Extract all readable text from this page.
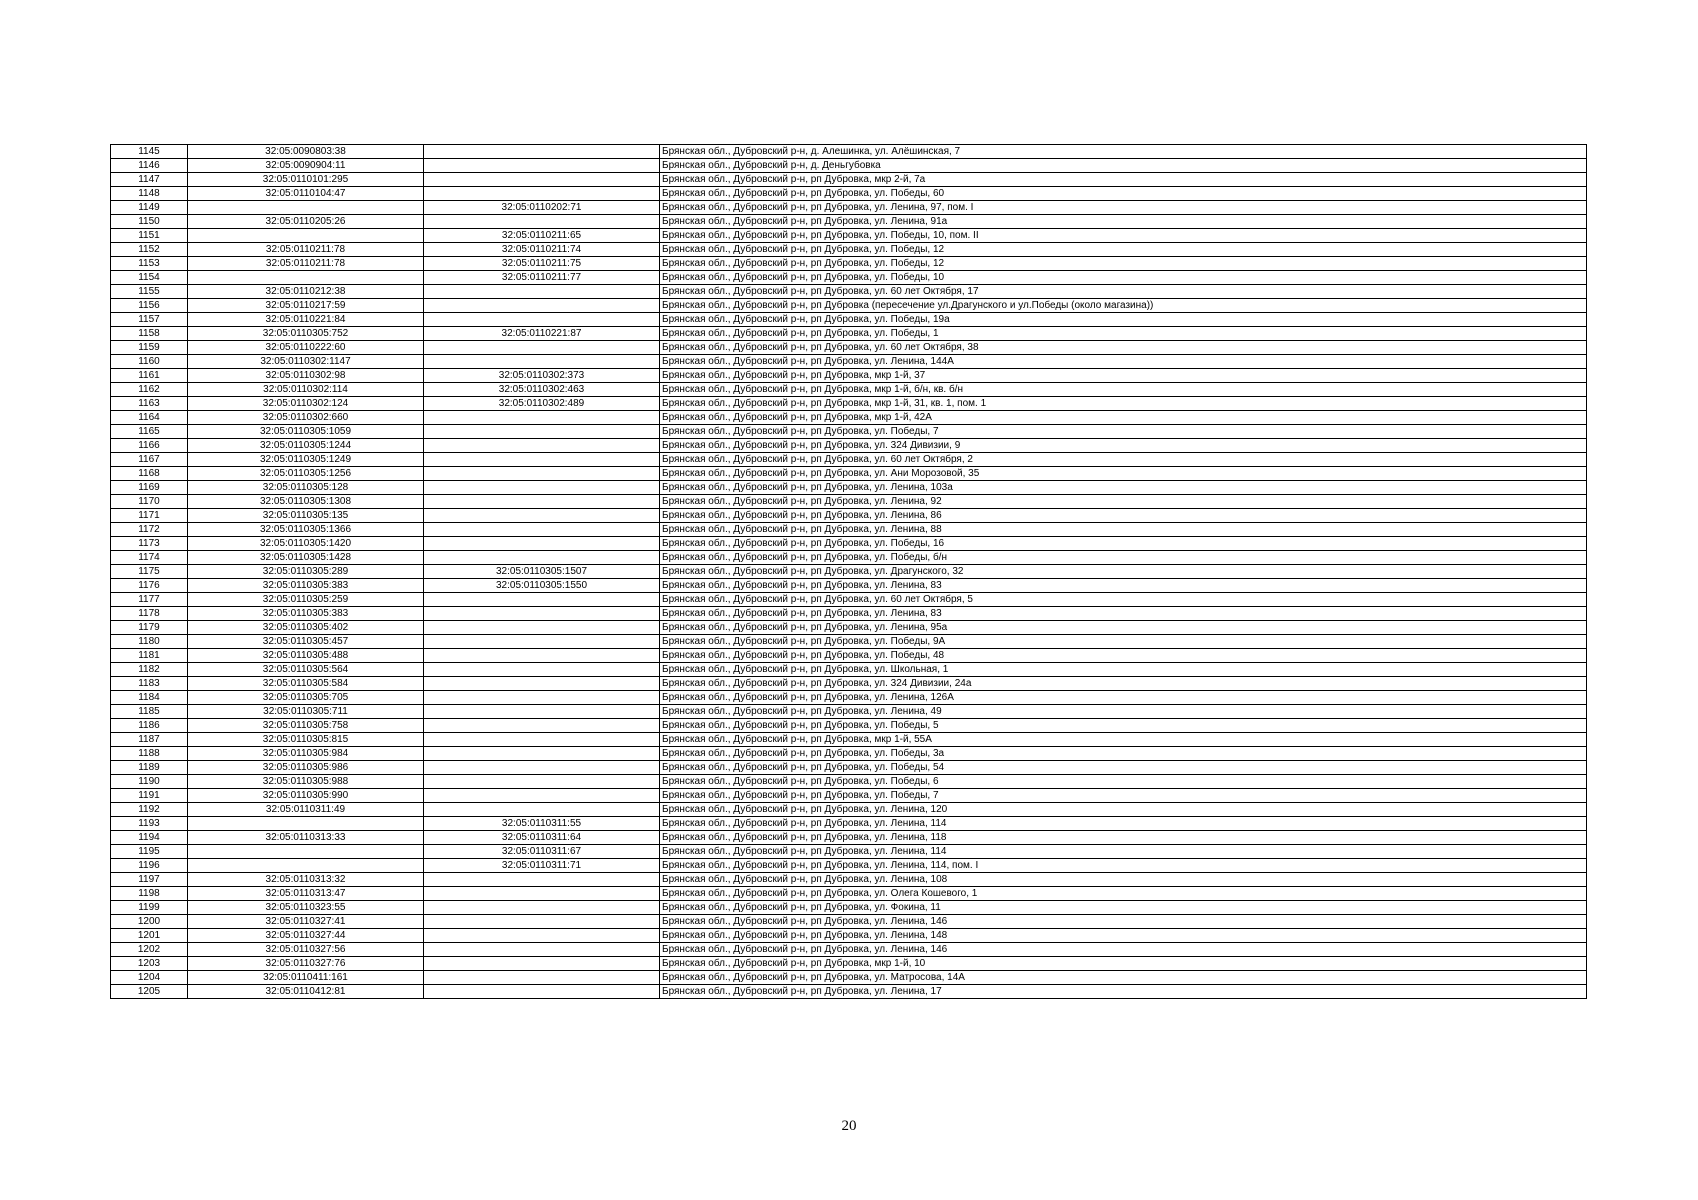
1145	32:05:0090803:38		Брянская обл., Дубровский р-н, д. Алешинка, ул. Алёшинская, 7
1146	32:05:0090904:11		Брянская обл., Дубровский р-н, д. Деньгубовка
1147	32:05:0110101:295		Брянская обл., Дубровский р-н, рп Дубровка, мкр 2-й, 7а
1148	32:05:0110104:47		Брянская обл., Дубровский р-н, рп Дубровка, ул. Победы, 60
1149		32:05:0110202:71	Брянская обл., Дубровский р-н, рп Дубровка, ул. Ленина, 97, пом. I
1150	32:05:0110205:26		Брянская обл., Дубровский р-н, рп Дубровка, ул. Ленина, 91а
1151		32:05:0110211:65	Брянская обл., Дубровский р-н, рп Дубровка, ул. Победы, 10, пом. II
1152	32:05:0110211:78	32:05:0110211:74	Брянская обл., Дубровский р-н, рп Дубровка, ул. Победы, 12
1153	32:05:0110211:78	32:05:0110211:75	Брянская обл., Дубровский р-н, рп Дубровка, ул. Победы, 12
1154		32:05:0110211:77	Брянская обл., Дубровский р-н, рп Дубровка, ул. Победы, 10
1155	32:05:0110212:38		Брянская обл., Дубровский р-н, рп Дубровка, ул. 60 лет Октября, 17
1156	32:05:0110217:59		Брянская обл., Дубровский р-н, рп Дубровка (пересечение ул.Драгунского и ул.Победы (около магазина))
1157	32:05:0110221:84		Брянская обл., Дубровский р-н, рп Дубровка, ул. Победы, 19а
1158	32:05:0110305:752	32:05:0110221:87	Брянская обл., Дубровский р-н, рп Дубровка, ул. Победы, 1
1159	32:05:0110222:60		Брянская обл., Дубровский р-н, рп Дубровка, ул. 60 лет Октября, 38
1160	32:05:0110302:1147		Брянская обл., Дубровский р-н, рп Дубровка, ул. Ленина, 144А
1161	32:05:0110302:98	32:05:0110302:373	Брянская обл., Дубровский р-н, рп Дубровка, мкр 1-й, 37
1162	32:05:0110302:114	32:05:0110302:463	Брянская обл., Дубровский р-н, рп Дубровка, мкр 1-й, б/н, кв. б/н
1163	32:05:0110302:124	32:05:0110302:489	Брянская обл., Дубровский р-н, рп Дубровка, мкр 1-й, 31, кв. 1, пом. 1
1164	32:05:0110302:660		Брянская обл., Дубровский р-н, рп Дубровка, мкр 1-й, 42А
1165	32:05:0110305:1059		Брянская обл., Дубровский р-н, рп Дубровка, ул. Победы, 7
1166	32:05:0110305:1244		Брянская обл., Дубровский р-н, рп Дубровка, ул. 324 Дивизии, 9
1167	32:05:0110305:1249		Брянская обл., Дубровский р-н, рп Дубровка, ул. 60 лет Октября, 2
1168	32:05:0110305:1256		Брянская обл., Дубровский р-н, рп Дубровка, ул. Ани Морозовой, 35
1169	32:05:0110305:128		Брянская обл., Дубровский р-н, рп Дубровка, ул. Ленина, 103а
1170	32:05:0110305:1308		Брянская обл., Дубровский р-н, рп Дубровка, ул. Ленина, 92
1171	32:05:0110305:135		Брянская обл., Дубровский р-н, рп Дубровка, ул. Ленина, 86
1172	32:05:0110305:1366		Брянская обл., Дубровский р-н, рп Дубровка, ул. Ленина, 88
1173	32:05:0110305:1420		Брянская обл., Дубровский р-н, рп Дубровка, ул. Победы, 16
1174	32:05:0110305:1428		Брянская обл., Дубровский р-н, рп Дубровка, ул. Победы, б/н
1175	32:05:0110305:289	32:05:0110305:1507	Брянская обл., Дубровский р-н, рп Дубровка, ул. Драгунского, 32
1176	32:05:0110305:383	32:05:0110305:1550	Брянская обл., Дубровский р-н, рп Дубровка, ул. Ленина, 83
1177	32:05:0110305:259		Брянская обл., Дубровский р-н, рп Дубровка, ул. 60 лет Октября, 5
1178	32:05:0110305:383		Брянская обл., Дубровский р-н, рп Дубровка, ул. Ленина, 83
1179	32:05:0110305:402		Брянская обл., Дубровский р-н, рп Дубровка, ул. Ленина, 95а
1180	32:05:0110305:457		Брянская обл., Дубровский р-н, рп Дубровка, ул. Победы, 9А
1181	32:05:0110305:488		Брянская обл., Дубровский р-н, рп Дубровка, ул. Победы, 48
1182	32:05:0110305:564		Брянская обл., Дубровский р-н, рп Дубровка, ул. Школьная, 1
1183	32:05:0110305:584		Брянская обл., Дубровский р-н, рп Дубровка, ул. 324 Дивизии, 24а
1184	32:05:0110305:705		Брянская обл., Дубровский р-н, рп Дубровка, ул. Ленина, 126А
1185	32:05:0110305:711		Брянская обл., Дубровский р-н, рп Дубровка, ул. Ленина, 49
1186	32:05:0110305:758		Брянская обл., Дубровский р-н, рп Дубровка, ул. Победы, 5
1187	32:05:0110305:815		Брянская обл., Дубровский р-н, рп Дубровка, мкр 1-й, 55А
1188	32:05:0110305:984		Брянская обл., Дубровский р-н, рп Дубровка, ул. Победы, 3а
1189	32:05:0110305:986		Брянская обл., Дубровский р-н, рп Дубровка, ул. Победы, 54
1190	32:05:0110305:988		Брянская обл., Дубровский р-н, рп Дубровка, ул. Победы, 6
1191	32:05:0110305:990		Брянская обл., Дубровский р-н, рп Дубровка, ул. Победы, 7
1192	32:05:0110311:49		Брянская обл., Дубровский р-н, рп Дубровка, ул. Ленина, 120
1193		32:05:0110311:55	Брянская обл., Дубровский р-н, рп Дубровка, ул. Ленина, 114
1194	32:05:0110313:33	32:05:0110311:64	Брянская обл., Дубровский р-н, рп Дубровка, ул. Ленина, 118
1195		32:05:0110311:67	Брянская обл., Дубровский р-н, рп Дубровка, ул. Ленина, 114
1196		32:05:0110311:71	Брянская обл., Дубровский р-н, рп Дубровка, ул. Ленина, 114, пом. I
1197	32:05:0110313:32		Брянская обл., Дубровский р-н, рп Дубровка, ул. Ленина, 108
1198	32:05:0110313:47		Брянская обл., Дубровский р-н, рп Дубровка, ул. Олега Кошевого, 1
1199	32:05:0110323:55		Брянская обл., Дубровский р-н, рп Дубровка, ул. Фокина, 11
1200	32:05:0110327:41		Брянская обл., Дубровский р-н, рп Дубровка, ул. Ленина, 146
1201	32:05:0110327:44		Брянская обл., Дубровский р-н, рп Дубровка, ул. Ленина, 148
1202	32:05:0110327:56		Брянская обл., Дубровский р-н, рп Дубровка, ул. Ленина, 146
1203	32:05:0110327:76		Брянская обл., Дубровский р-н, рп Дубровка, мкр 1-й, 10
1204	32:05:0110411:161		Брянская обл., Дубровский р-н, рп Дубровка, ул. Матросова, 14А
1205	32:05:0110412:81		Брянская обл., Дубровский р-н, рп Дубровка, ул. Ленина, 17
20
